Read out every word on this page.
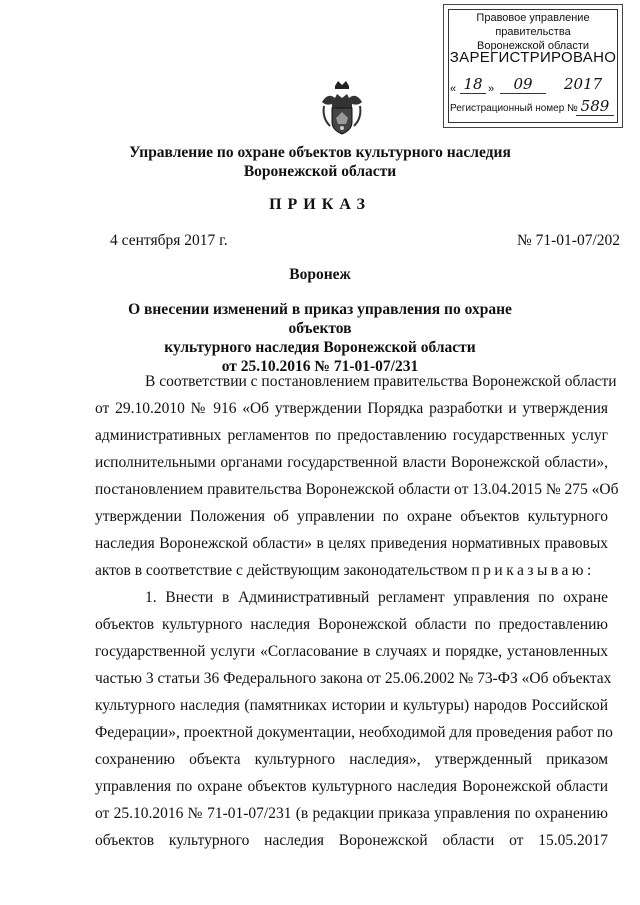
Правовое управление правительства
Воронежской области
ЗАРЕГИСТРИРОВАНО
« 18 »	09	2017
Регистрационный номер № 589
Управление по охране объектов культурного наследия
Воронежской области
ПРИКАЗ
4 сентября 2017 г.	№ 71-01-07/202
Воронеж
О внесении изменений в приказ управления по охране объектов
культурного наследия Воронежской области
от 25.10.2016 № 71-01-07/231
В соответствии с постановлением правительства Воронежской области
от 29.10.2010 № 916 «Об утверждении Порядка разработки и утверждения
административных регламентов по предоставлению государственных услуг
исполнительными органами государственной власти Воронежской области»,
постановлением правительства Воронежской области от 13.04.2015 № 275 «Об
утверждении Положения об управлении по охране объектов культурного
наследия Воронежской области» в целях приведения нормативных правовых
актов в соответствие с действующим законодательством приказываю:
1. Внести в Административный регламент управления по охране
объектов культурного наследия Воронежской области по предоставлению
государственной услуги «Согласование в случаях и порядке, установленных
частью 3 статьи 36 Федерального закона от 25.06.2002 № 73-ФЗ «Об объектах
культурного наследия (памятниках истории и культуры) народов Российской
Федерации», проектной документации, необходимой для проведения работ по
сохранению объекта культурного наследия», утвержденный приказом
управления по охране объектов культурного наследия Воронежской области
от 25.10.2016 № 71-01-07/231 (в редакции приказа управления по охранению
объектов культурного наследия Воронежской области от 15.05.2017
